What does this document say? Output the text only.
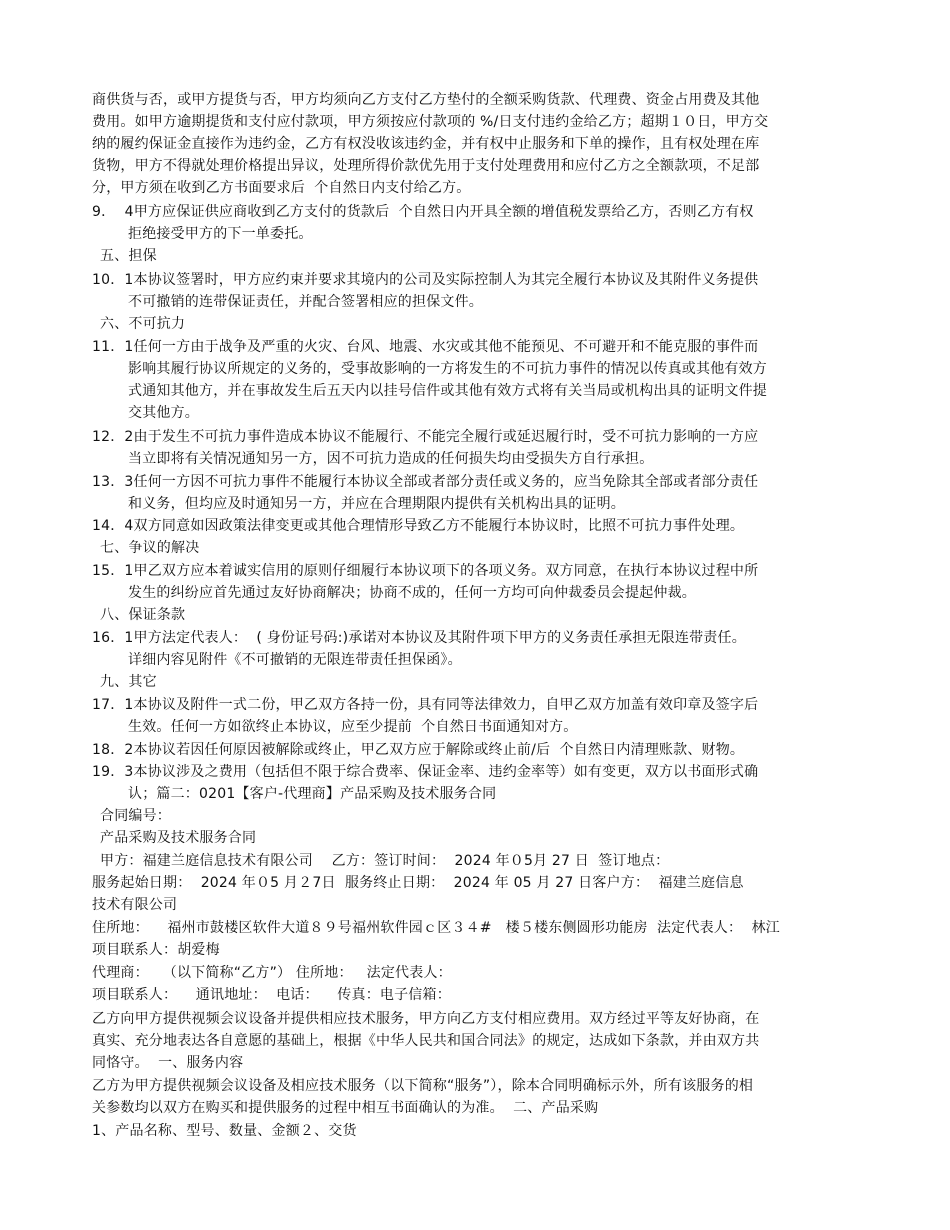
商供货与否，或甲方提货与否，甲方均须向乙方支付乙方垫付的全额采购货款、代理费、资金占用费及其他
费用。如甲方逾期提货和支付应付款项，甲方须按应付款项的 %/日支付违约金给乙方；超期１０日，甲方交
纳的履约保证金直接作为违约金，乙方有权没收该违约金，并有权中止服务和下单的操作，且有权处理在库
货物，甲方不得就处理价格提出异议，处理所得价款优先用于支付处理费用和应付乙方之全额款项，不足部
分，甲方须在收到乙方书面要求后  个自然日内支付给乙方。
9．  4甲方应保证供应商收到乙方支付的货款后  个自然日内开具全额的增值税发票给乙方，否则乙方有权
拒绝接受甲方的下一单委托。
五、担保
10．1本协议签署时，甲方应约束并要求其境内的公司及实际控制人为其完全履行本协议及其附件义务提供
不可撤销的连带保证责任，并配合签署相应的担保文件。
六、不可抗力
11．1任何一方由于战争及严重的火灾、台风、地震、水灾或其他不能预见、不可避开和不能克服的事件而
影响其履行协议所规定的义务的，受事故影响的一方将发生的不可抗力事件的情况以传真或其他有效方
式通知其他方，并在事故发生后五天内以挂号信件或其他有效方式将有关当局或机构出具的证明文件提
交其他方。
12．2由于发生不可抗力事件造成本协议不能履行、不能完全履行或延迟履行时，受不可抗力影响的一方应
当立即将有关情况通知另一方，因不可抗力造成的任何损失均由受损失方自行承担。
13．3任何一方因不可抗力事件不能履行本协议全部或者部分责任或义务的，应当免除其全部或者部分责任
和义务，但均应及时通知另一方，并应在合理期限内提供有关机构出具的证明。
14．4双方同意如因政策法律变更或其他合理情形导致乙方不能履行本协议时，比照不可抗力事件处理。
七、争议的解决
15．1甲乙双方应本着诚实信用的原则仔细履行本协议项下的各项义务。双方同意，在执行本协议过程中所
发生的纠纷应首先通过友好协商解决；协商不成的，任何一方均可向仲裁委员会提起仲裁。
八、保证条款
16．1甲方法定代表人：  ( 身份证号码:)承诺对本协议及其附件项下甲方的义务责任承担无限连带责任。
详细内容见附件《不可撤销的无限连带责任担保函》。
九、其它
17．1本协议及附件一式二份，甲乙双方各持一份，具有同等法律效力，自甲乙双方加盖有效印章及签字后
生效。任何一方如欲终止本协议，应至少提前  个自然日书面通知对方。
18．2本协议若因任何原因被解除或终止，甲乙双方应于解除或终止前/后  个自然日内清理账款、财物。
19．3本协议涉及之费用（包括但不限于综合费率、保证金率、违约金率等）如有变更，双方以书面形式确
认；篇二：0201【客户-代理商】产品采购及技术服务合同
合同编号：
产品采购及技术服务合同
甲方：福建兰庭信息技术有限公司    乙方：签订时间：  2024 年０5月 27 日  签订地点：
服务起始日期：  2024 年０5 月２7日  服务终止日期：  2024 年 05 月 27 日客户方：  福建兰庭信息
技术有限公司
住所地：    福州市鼓楼区软件大道８９号福州软件园ｃ区３４#   楼５楼东侧圆形功能房  法定代表人：  林江
项目联系人：胡爱梅
代理商：   （以下简称“乙方”） 住所地：   法定代表人：
项目联系人：    通讯地址：  电话：    传真：电子信箱：
乙方向甲方提供视频会议设备并提供相应技术服务，甲方向乙方支付相应费用。双方经过平等友好协商，在
真实、充分地表达各自意愿的基础上，根据《中华人民共和国合同法》的规定，达成如下条款，并由双方共
同恪守。  一、服务内容
乙方为甲方提供视频会议设备及相应技术服务（以下简称“服务”），除本合同明确标示外，所有该服务的相
关参数均以双方在购买和提供服务的过程中相互书面确认的为准。  二、产品采购
1、产品名称、型号、数量、金额２、交货
